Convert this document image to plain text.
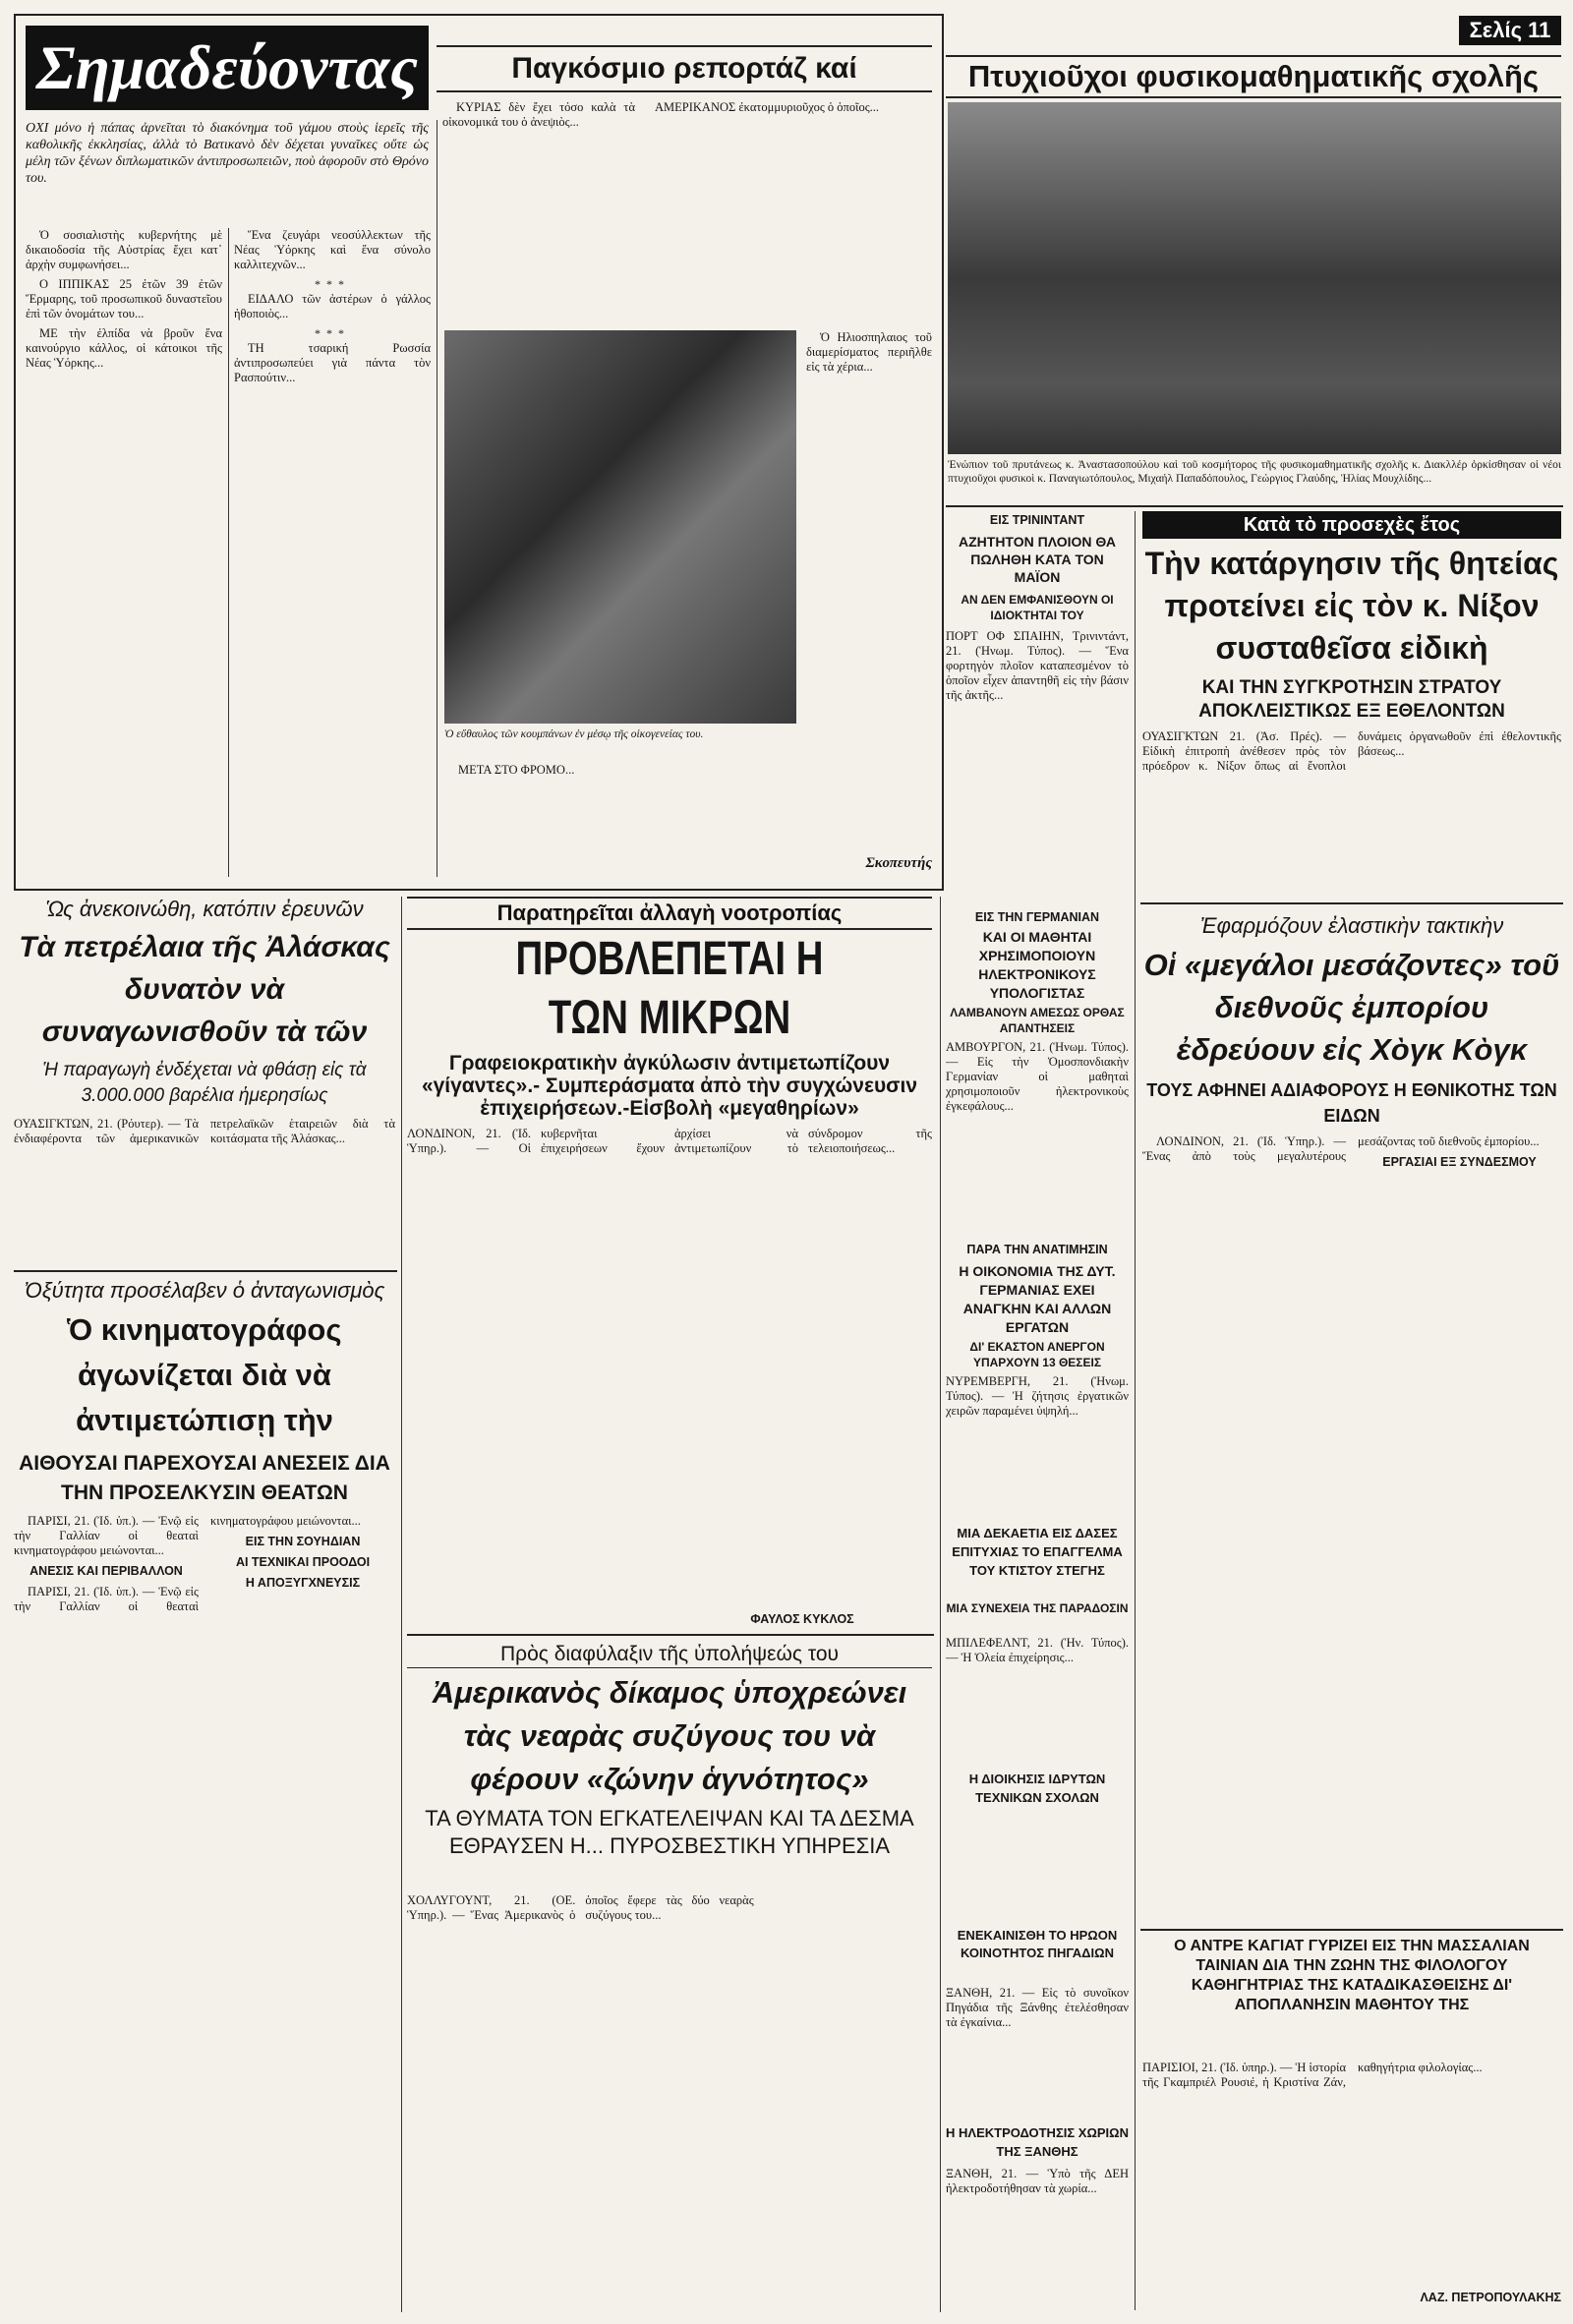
Σημαδεύοντας	Παγκόσμιο ρεπορτάζ καί

ΟΧΙ μόνο ἡ πάπας ἀρνεῖται τὸ διακόνημα τοῦ γάμου στοὺς ἱερεῖς τῆς καθολικῆς ἐκκλησίας, ἀλλὰ τὸ Βατικανὸ δὲν δέχεται γυναῖκες οὔτε ὡς μέλη τῶν ξένων διπλωματικῶν ἀντιπροσωπειῶν, ποὺ ἀφοροῦν στὸ Θρόνο του.

Ὁ σοσιαλιστὴς κυβερνήτης μὲ δικαιοδοσία τῆς Αὐστρίας ἔχει κατ᾽ ἀρχὴν συμφωνήσει...

Ο ΙΠΠΙΚΑΣ 25 ἐτῶν 39 ἐτῶν Ἕρμαρης, τοῦ προσωπικοῦ δυναστεῖου ἐπὶ τῶν ὀνομάτων του...

ΜΕ τὴν ἐλπίδα νὰ βροῦν ἕνα καινούργιο κάλλος, οἱ κάτοικοι τῆς Νέας Ὑόρκης...

Ἕνα ζευγάρι νεοσύλλεκτων τῆς Νέας Ὑόρκης καὶ ἕνα σύνολο καλλιτεχνῶν...

***

ΕΙΔΑΛΟ τῶν ἀστέρων ὁ γάλλος ἠθοποιὸς...

***

ΤΗ τσαρική Ρωσσία ἀντιπροσωπεύει γιὰ πάντα τὸν Ρασπούτιν...

ΚΥΡΙΑΣ δὲν ἔχει τόσο καλὰ τὰ οἰκονομικά του ὁ ἀνεψιὸς...

ΑΜΕΡΙΚΑΝΟΣ ἐκατομμυριοῦχος ὁ ὁποῖος...

Ὁ εὔθαυλος τῶν κουμπάνων ἐν μέσῳ τῆς οἰκογενείας του.

Ὁ Ηλιοσπηλαιος τοῦ διαμερίσματος περιῆλθε εἰς τὰ χέρια...

ΜΕΤΑ ΣΤΟ ΦΡΟΜΟ...

Σκοπευτής
Σελίς 11
Πτυχιοῦχοι φυσικομαθηματικῆς σχολῆς
Ἐνώπιον τοῦ πρυτάνεως κ. Ἀναστασοπούλου καὶ τοῦ κοσμήτορος τῆς φυσικομαθηματικῆς σχολῆς κ. Διακλλέρ ὁρκίσθησαν οἱ νέοι πτυχιοῦχοι φυσικοὶ κ. Παναγιωτόπουλος, Μιχαήλ Παπαδόπουλος, Γεώργιος Γλαύδης, Ἡλίας Μουχλίδης...
ΕΙΣ ΤΡΙΝΙΝΤΑΝΤ
ΑΖΗΤΗΤΟΝ ΠΛΟΙΟΝ ΘΑ ΠΩΛΗΘΗ ΚΑΤΑ ΤΟΝ ΜΑΪΟΝ
ΑΝ ΔΕΝ ΕΜΦΑΝΙΣΘΟΥΝ ΟΙ ΙΔΙΟΚΤΗΤΑΙ ΤΟΥ
ΠΟΡΤ ΟΦ ΣΠΑΙΗΝ, Τρινιντάντ, 21. (Ἡνωμ. Τύπος). — Ἕνα φορτηγὸν πλοῖον καταπεσμένον τὸ ὁποῖον εἶχεν ἀπαντηθῆ εἰς τὴν βάσιν τῆς ἀκτῆς...
Κατὰ τὸ προσεχὲς ἔτος
Τὴν κατάργησιν τῆς θητείας προτείνει εἰς τὸν κ. Νίξον συσταθεῖσα εἰδικὴ
ΚΑΙ ΤΗΝ ΣΥΓΚΡΟΤΗΣΙΝ ΣΤΡΑΤΟΥ ΑΠΟΚΛΕΙΣΤΙΚΩΣ ΕΞ ΕΘΕΛΟΝΤΩΝ
ΟΥΑΣΙΓΚΤΩΝ 21. (Ἀσ. Πρές). — Εἰδικὴ ἐπιτροπὴ ἀνέθεσεν πρὸς τὸν πρόεδρον κ. Νίξον ὅπως αἱ ἔνοπλοι δυνάμεις ὀργανωθοῦν ἐπὶ ἐθελοντικῆς βάσεως...
Ὡς ἀνεκοινώθη, κατόπιν ἐρευνῶν
Τὰ πετρέλαια τῆς Ἀλάσκας δυνατὸν νὰ συναγωνισθοῦν τὰ τῶν
Ἡ παραγωγὴ ἐνδέχεται νὰ φθάσῃ εἰς τὰ 3.000.000 βαρέλια ἡμερησίως
ΟΥΑΣΙΓΚΤΩΝ, 21. (Ρόυτερ). — Τὰ ἐνδιαφέροντα τῶν ἀμερικανικῶν πετρελαϊκῶν ἑταιρειῶν διὰ τὰ κοιτάσματα τῆς Ἀλάσκας...
Παρατηρεῖται ἀλλαγὴ νοοτροπίας
ΠΡΟΒΛΕΠΕΤΑΙ Η
ΤΩΝ ΜΙΚΡΩΝ
Γραφειοκρατικὴν ἀγκύλωσιν ἀντιμετωπίζουν «γίγαντες».- Συμπεράσματα ἀπὸ τὴν συγχώνευσιν ἐπιχειρήσεων.-Εἰσβολὴ «μεγαθηρίων»
ΛΟΝΔΙΝΟΝ, 21. (Ἰδ. Ὑπηρ.). — Οἱ κυβερνῆται ἐπιχειρήσεων ἔχουν ἀρχίσει νὰ ἀντιμετωπίζουν τὸ σύνδρομον τῆς τελειοποιήσεως...
ΦΑΥΛΟΣ ΚΥΚΛΟΣ
Ὀξύτητα προσέλαβεν ὁ ἀνταγωνισμὸς
Ὁ κινηματογράφος ἀγωνίζεται διὰ νὰ ἀντιμετώπισῃ τὴν
ΑΙΘΟΥΣΑΙ ΠΑΡΕΧΟΥΣΑΙ ΑΝΕΣΕΙΣ ΔΙΑ ΤΗΝ ΠΡΟΣΕΛΚΥΣΙΝ ΘΕΑΤΩΝ

ΠΑΡΙΣΙ, 21. (Ἰδ. ὑπ.). — Ἐνῷ εἰς τὴν Γαλλίαν οἱ θεαταὶ κινηματογράφου μειώνονται...

ΑΝΕΣΙΣ ΚΑΙ ΠΕΡΙΒΑΛΛΟΝ

ΠΑΡΙΣΙ, 21. (Ἰδ. ὑπ.). — Ἐνῷ εἰς τὴν Γαλλίαν οἱ θεαταὶ κινηματογράφου μειώνονται...

ΕΙΣ ΤΗΝ ΣΟΥΗΔΙΑΝ
ΑΙ ΤΕΧΝΙΚΑΙ ΠΡΟΟΔΟΙ
Η ΑΠΟΞΥΓΧΝΕΥΣΙΣ
Πρὸς διαφύλαξιν τῆς ὑπολήψεώς του
Ἀμερικανὸς δίκαμος ὑποχρεώνει τὰς νεαρὰς συζύγους του νὰ φέρουν «ζώνην ἁγνότητος»
ΤΑ ΘΥΜΑΤΑ ΤΟΝ ΕΓΚΑΤΕΛΕΙΨΑΝ ΚΑΙ ΤΑ ΔΕΣΜΑ ΕΘΡΑΥΣΕΝ Η... ΠΥΡΟΣΒΕΣΤΙΚΗ ΥΠΗΡΕΣΙΑ
ΧΟΛΛΥΓΟΥΝΤ, 21. (ΟΕ. Ὑπηρ.). — Ἕνας Ἀμερικανὸς ὁ ὁποῖος ἔφερε τὰς δύο νεαρὰς συζύγους του...
ΕΙΣ ΤΗΝ ΓΕΡΜΑΝΙΑΝ
ΚΑΙ ΟΙ ΜΑΘΗΤΑΙ ΧΡΗΣΙΜΟΠΟΙΟΥΝ ΗΛΕΚΤΡΟΝΙΚΟΥΣ ΥΠΟΛΟΓΙΣΤΑΣ
ΛΑΜΒΑΝΟΥΝ ΑΜΕΣΩΣ ΟΡΘΑΣ ΑΠΑΝΤΗΣΕΙΣ
ΑΜΒΟΥΡΓΟΝ, 21. (Ἡνωμ. Τύπος). — Εἰς τὴν Ὁμοσπονδιακὴν Γερμανίαν οἱ μαθηταὶ χρησιμοποιοῦν ἠλεκτρονικοὺς ἐγκεφάλους...
ΠΑΡΑ ΤΗΝ ΑΝΑΤΙΜΗΣΙΝ
Η ΟΙΚΟΝΟΜΙΑ ΤΗΣ ΔΥΤ. ΓΕΡΜΑΝΙΑΣ ΕΧΕΙ ΑΝΑΓΚΗΝ ΚΑΙ ΑΛΛΩΝ ΕΡΓΑΤΩΝ
ΔΙ' ΕΚΑΣΤΟΝ ΑΝΕΡΓΟΝ ΥΠΑΡΧΟΥΝ 13 ΘΕΣΕΙΣ
ΝΥΡΕΜΒΕΡΓΗ, 21. (Ἡνωμ. Τύπος). — Ἡ ζήτησις ἐργατικῶν χειρῶν παραμένει ὑψηλή...
ΜΙΑ ΔΕΚΑΕΤΙΑ ΕΙΣ ΔΑΣΕΣ ΕΠΙΤΥΧΙΑΣ ΤΟ ΕΠΑΓΓΕΛΜΑ ΤΟΥ ΚΤΙΣΤΟΥ ΣΤΕΓΗΣ
ΜΙΑ ΣΥΝΕΧΕΙΑ ΤΗΣ ΠΑΡΑΔΟΣΙΝ
ΜΠΙΛΕΦΕΛΝΤ, 21. (Ἡν. Τύπος). — Ἡ Ὁλεία ἐπιχείρησις...
Η ΔΙΟΙΚΗΣΙΣ ΙΔΡΥΤΩΝ ΤΕΧΝΙΚΩΝ ΣΧΟΛΩΝ
ΕΝΕΚΑΙΝΙΣΘΗ ΤΟ ΗΡΩΟΝ ΚΟΙΝΟΤΗΤΟΣ ΠΗΓΑΔΙΩΝ
ΞΑΝΘΗ, 21. — Εἰς τὸ συνοῖκον Πηγάδια τῆς Ξάνθης ἐτελέσθησαν τὰ ἐγκαίνια...
Η ΗΛΕΚΤΡΟΔΟΤΗΣΙΣ ΧΩΡΙΩΝ ΤΗΣ ΞΑΝΘΗΣ
ΞΑΝΘΗ, 21. — Ὑπὸ τῆς ΔΕΗ ἠλεκτροδοτήθησαν τὰ χωρία...
Ἐφαρμόζουν ἐλαστικὴν τακτικὴν
Οἱ «μεγάλοι μεσάζοντες» τοῦ διεθνοῦς ἐμπορίου ἐδρεύουν εἰς Χὸγκ Κὸγκ
ΤΟΥΣ ΑΦΗΝΕΙ ΑΔΙΑΦΟΡΟΥΣ Η ΕΘΝΙΚΟΤΗΣ ΤΩΝ ΕΙΔΩΝ

ΛΟΝΔΙΝΟΝ, 21. (Ἰδ. Ὑπηρ.). — Ἕνας ἀπὸ τοὺς μεγαλυτέρους μεσάζοντας τοῦ διεθνοῦς ἐμπορίου...

ΕΡΓΑΣΙΑΙ ΕΞ ΣΥΝΔΕΣΜΟΥ
Ο ΑΝΤΡΕ ΚΑΓΙΑΤ ΓΥΡΙΖΕΙ ΕΙΣ ΤΗΝ ΜΑΣΣΑΛΙΑΝ ΤΑΙΝΙΑΝ ΔΙΑ ΤΗΝ ΖΩΗΝ ΤΗΣ ΦΙΛΟΛΟΓΟΥ ΚΑΘΗΓΗΤΡΙΑΣ ΤΗΣ ΚΑΤΑΔΙΚΑΣΘΕΙΣΗΣ ΔΙ' ΑΠΟΠΛΑΝΗΣΙΝ ΜΑΘΗΤΟΥ ΤΗΣ
ΠΑΡΙΣΙΟΙ, 21. (Ἰδ. ὑπηρ.). — Ἡ ἱστορία τῆς Γκαμπριέλ Ρουσιέ, ἡ Κριστίνα Ζάν, καθηγήτρια φιλολογίας...
ΛΑΖ. ΠΕΤΡΟΠΟΥΛΑΚΗΣ
